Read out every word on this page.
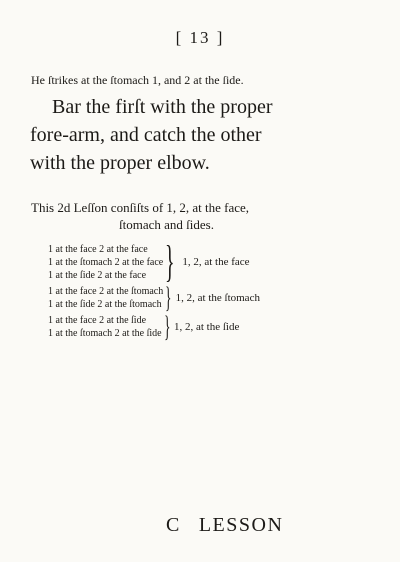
[ 13 ]
He ſtrikes at the ſtomach 1, and 2 at the ſide.
Bar the firſt with the proper
fore-arm, and catch the other
with the proper elbow.
This 2d Leſſon conſiſts of 1, 2, at the face,
ſtomach and ſides.
1 at the face 2 at the face
1 at the ſtomach 2 at the face
1 at the ſide 2 at the face } 1, 2, at the face
1 at the face 2 at the ſtomach
1 at the ſide 2 at the ſtomach } 1, 2, at the ſtomach
1 at the face 2 at the ſide
1 at the ſtomach 2 at the ſide } 1, 2, at the ſide
C LESSON
